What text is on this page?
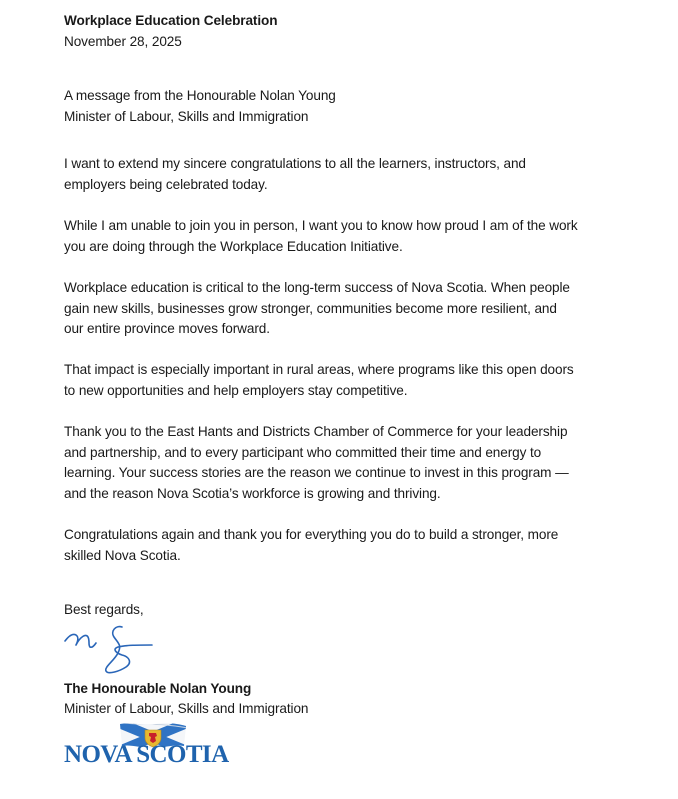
Workplace Education Celebration
November 28, 2025
A message from the Honourable Nolan Young
Minister of Labour, Skills and Immigration

I want to extend my sincere congratulations to all the learners, instructors, and
employers being celebrated today.

While I am unable to join you in person, I want you to know how proud I am of the work
you are doing through the Workplace Education Initiative.

Workplace education is critical to the long-term success of Nova Scotia. When people
gain new skills, businesses grow stronger, communities become more resilient, and
our entire province moves forward.

That impact is especially important in rural areas, where programs like this open doors
to new opportunities and help employers stay competitive.

Thank you to the East Hants and Districts Chamber of Commerce for your leadership
and partnership, and to every participant who committed their time and energy to
learning. Your success stories are the reason we continue to invest in this program —
and the reason Nova Scotia’s workforce is growing and thriving.

Congratulations again and thank you for everything you do to build a stronger, more
skilled Nova Scotia.

Best regards,
The Honourable Nolan Young
Minister of Labour, Skills and Immigration
NOVA SCOTIA
